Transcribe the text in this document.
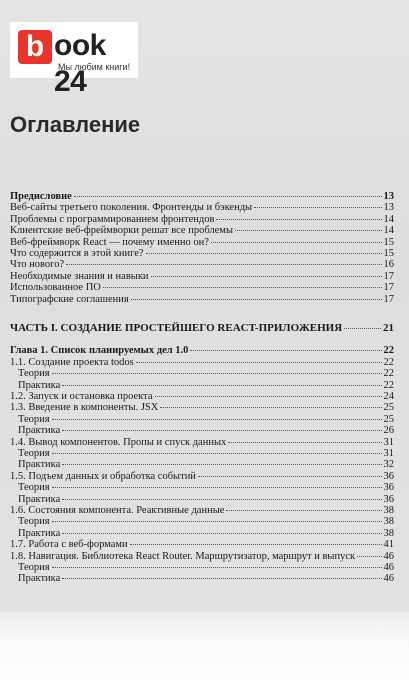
b ook 24
Мы любим книги!
Оглавление
Предисловие	13
Веб-сайты третьего поколения. Фронтенды и бэкенды	13
Проблемы с программированием фронтендов	14
Клиентские веб-фреймворки решат все проблемы	14
Веб-фреймворк React — почему именно он?	15
Что содержится в этой книге?	15
Что нового?	16
Необходимые знания и навыки	17
Использованное ПО	17
Типографские соглашения	17
ЧАСТЬ I. СОЗДАНИЕ ПРОСТЕЙШЕГО REACT-ПРИЛОЖЕНИЯ	21
Глава 1. Список планируемых дел 1.0	22
1.1. Создание проекта todos	22
Теория	22
Практика	22
1.2. Запуск и остановка проекта	24
1.3. Введение в компоненты. JSX	25
Теория	25
Практика	26
1.4. Вывод компонентов. Пропы и спуск данных	31
Теория	31
Практика	32
1.5. Подъем данных и обработка событий	36
Теория	36
Практика	36
1.6. Состояния компонента. Реактивные данные	38
Теория	38
Практика	38
1.7. Работа с веб-формами	41
1.8. Навигация. Библиотека React Router. Маршрутизатор, маршрут и выпуск	46
Теория	46
Практика	46
